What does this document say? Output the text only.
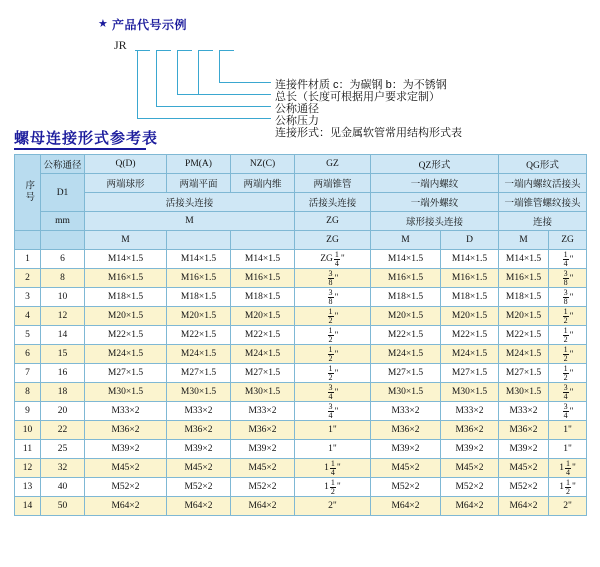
★ 产品代号示例
JR
连接件材质 c：为碳钢 b：为不锈钢
总长（长度可根据用户要求定制）
公称通径
公称压力
连接形式：见金属软管常用结构形式表
螺母连接形式参考表
序号	公称通径	Q(D)	PM(A)	NZ(C)	GZ	QZ形式		QG形式	
	D1	两端球形	两端平面	两端内维	两端锥管	一端内螺纹		一端内螺纹活接头	
		活接头连接			活接头连接	一端外螺纹		一端锥管螺纹接头	
	mm	M			ZG	球形接头连接		连接	
		M			ZG	M	D	M	ZG
1	6	M14×1.5	M14×1.5	M14×1.5	ZG $\frac{1}{4}$ "	M14×1.5	M14×1.5	M14×1.5	$\frac{1}{4}$ "
2	8	M16×1.5	M16×1.5	M16×1.5	$\frac{3}{8}$ "	M16×1.5	M16×1.5	M16×1.5	$\frac{3}{8}$ "
3	10	M18×1.5	M18×1.5	M18×1.5	$\frac{3}{8}$ "	M18×1.5	M18×1.5	M18×1.5	$\frac{3}{8}$ "
4	12	M20×1.5	M20×1.5	M20×1.5	$\frac{1}{2}$ "	M20×1.5	M20×1.5	M20×1.5	$\frac{1}{2}$ "
5	14	M22×1.5	M22×1.5	M22×1.5	$\frac{1}{2}$ "	M22×1.5	M22×1.5	M22×1.5	$\frac{1}{2}$ "
6	15	M24×1.5	M24×1.5	M24×1.5	$\frac{1}{2}$ "	M24×1.5	M24×1.5	M24×1.5	$\frac{1}{2}$ "
7	16	M27×1.5	M27×1.5	M27×1.5	$\frac{1}{2}$ "	M27×1.5	M27×1.5	M27×1.5	$\frac{1}{2}$ "
8	18	M30×1.5	M30×1.5	M30×1.5	$\frac{3}{4}$ "	M30×1.5	M30×1.5	M30×1.5	$\frac{3}{4}$ "
9	20	M33×2	M33×2	M33×2	$\frac{3}{4}$ "	M33×2	M33×2	M33×2	$\frac{3}{4}$ "
10	22	M36×2	M36×2	M36×2	1"	M36×2	M36×2	M36×2	1"
11	25	M39×2	M39×2	M39×2	1"	M39×2	M39×2	M39×2	1"
12	32	M45×2	M45×2	M45×2	$1 \frac{1}{4}$ "	M45×2	M45×2	M45×2	$1 \frac{1}{4}$ "
13	40	M52×2	M52×2	M52×2	$1 \frac{1}{2}$ "	M52×2	M52×2	M52×2	$1 \frac{1}{2}$ "
14	50	M64×2	M64×2	M64×2	2"	M64×2	M64×2	M64×2	2"
